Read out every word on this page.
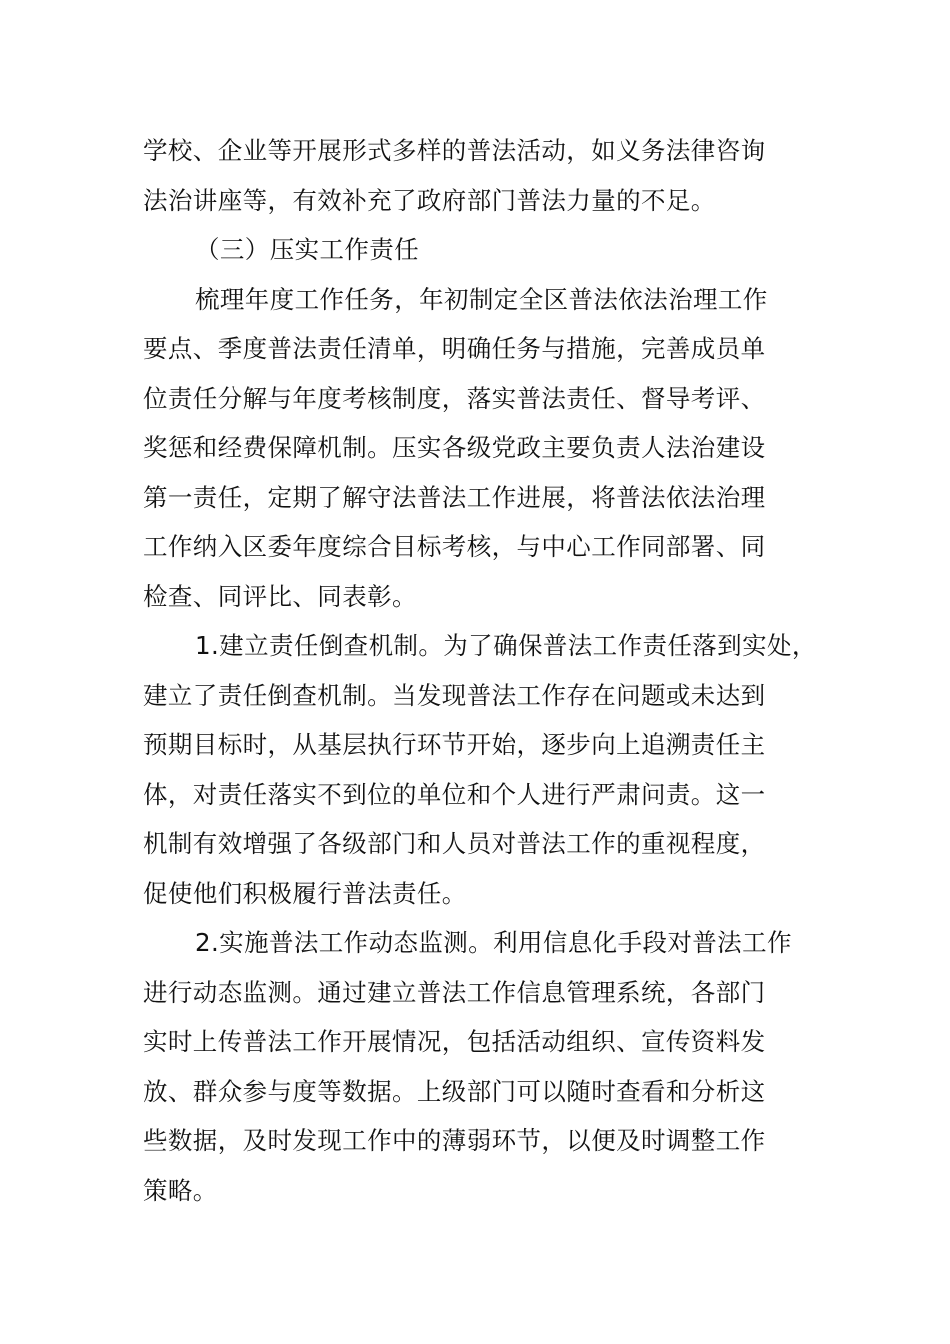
学校、企业等开展形式多样的普法活动，如义务法律咨询
法治讲座等，有效补充了政府部门普法力量的不足。
（三）压实工作责任
梳理年度工作任务，年初制定全区普法依法治理工作
要点、季度普法责任清单，明确任务与措施，完善成员单
位责任分解与年度考核制度，落实普法责任、督导考评、
奖惩和经费保障机制。压实各级党政主要负责人法治建设
第一责任，定期了解守法普法工作进展，将普法依法治理
工作纳入区委年度综合目标考核，与中心工作同部署、同
检查、同评比、同表彰。
1.建立责任倒查机制。为了确保普法工作责任落到实处，
建立了责任倒查机制。当发现普法工作存在问题或未达到
预期目标时，从基层执行环节开始，逐步向上追溯责任主
体，对责任落实不到位的单位和个人进行严肃问责。这一
机制有效增强了各级部门和人员对普法工作的重视程度，
促使他们积极履行普法责任。
2.实施普法工作动态监测。利用信息化手段对普法工作
进行动态监测。通过建立普法工作信息管理系统，各部门
实时上传普法工作开展情况，包括活动组织、宣传资料发
放、群众参与度等数据。上级部门可以随时查看和分析这
些数据，及时发现工作中的薄弱环节，以便及时调整工作
策略。
